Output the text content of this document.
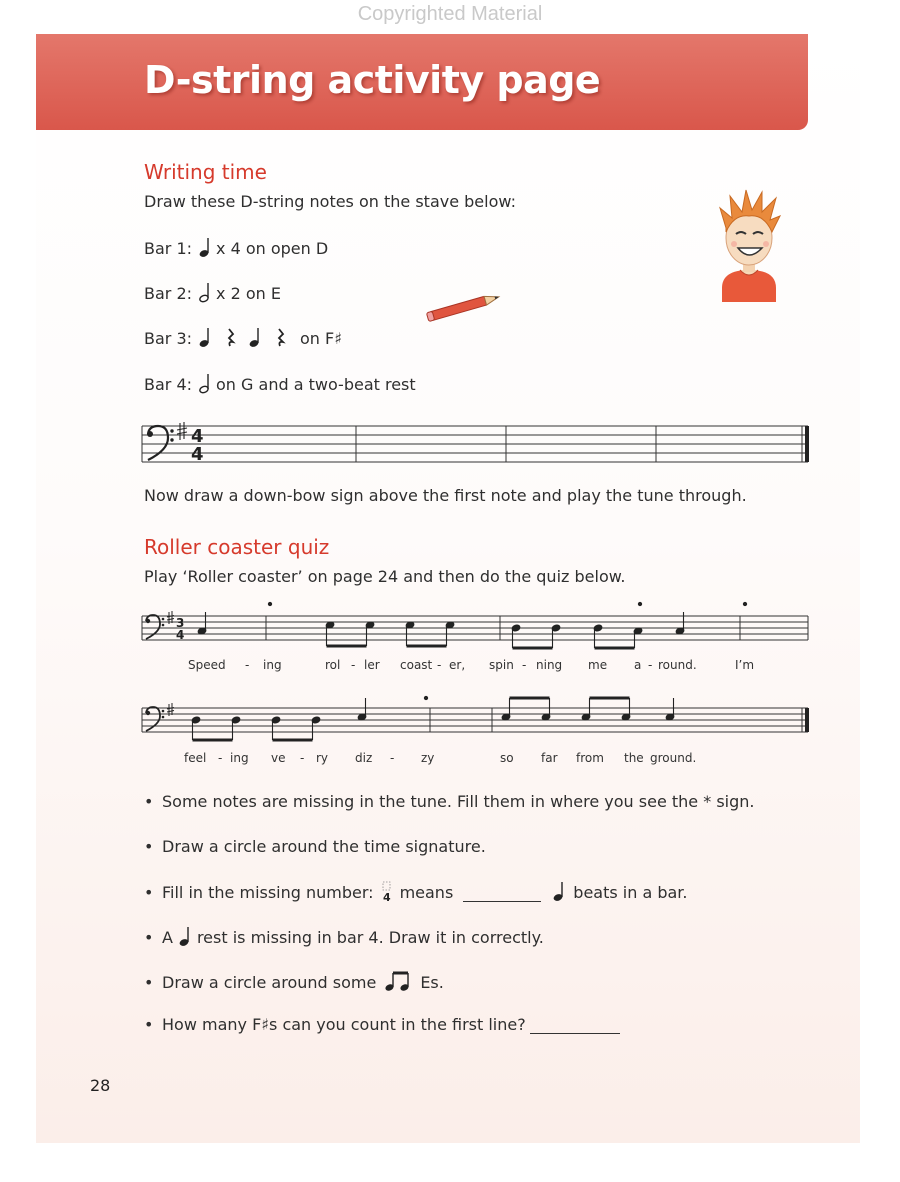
Copyrighted Material
D-string activity page
Writing time
Draw these D-string notes on the stave below:
Bar 1: x 4 on open D
Bar 2: x 2 on E
Bar 3:	on F♯
Bar 4: on G and a two-beat rest
4
4
Now draw a down-bow sign above the first note and play the tune through.
Roller coaster quiz
Play ‘Roller coaster’ on page 24 and then do the quiz below.
3
4
Speed - ing	rol - ler coast - er, spin - ning me a - round.	I’m
feel - ing ve - ry diz - zy	so far from the ground.
• Some notes are missing in the tune. Fill them in where you see the * sign.
• Draw a circle around the time signature.
• Fill in the missing number: 4 means	beats in a bar.
• A rest is missing in bar 4. Draw it in correctly.
• Draw a circle around some	Es.
• How many F♯s can you count in the first line?
28
